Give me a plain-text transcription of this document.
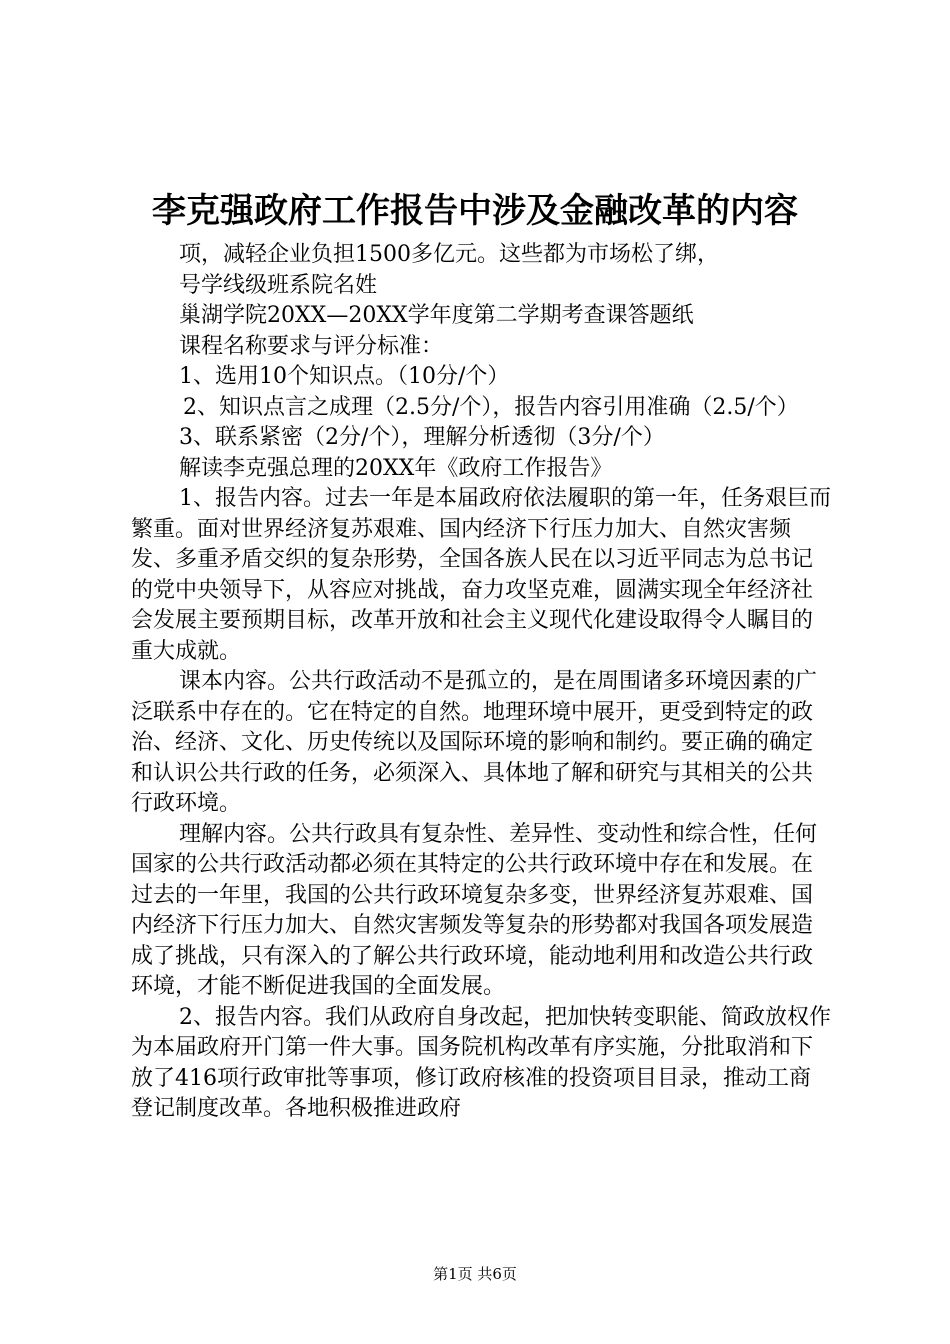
李克强政府工作报告中涉及金融改革的内容

项，减轻企业负担1500多亿元。这些都为市场松了绑，

号学线级班系院名姓

巢湖学院20XX—20XX学年度第二学期考查课答题纸

课程名称要求与评分标准：

1、选用10个知识点。（10分/个）

2、知识点言之成理（2.5分/个），报告内容引用准确（2.5/个）

3、联系紧密（2分/个），理解分析透彻（3分/个）

解读李克强总理的20XX年《政府工作报告》

1、报告内容。过去一年是本届政府依法履职的第一年，任务艰巨而繁重。面对世界经济复苏艰难、国内经济下行压力加大、自然灾害频发、多重矛盾交织的复杂形势，全国各族人民在以习近平同志为总书记的党中央领导下，从容应对挑战，奋力攻坚克难，圆满实现全年经济社会发展主要预期目标，改革开放和社会主义现代化建设取得令人瞩目的重大成就。

课本内容。公共行政活动不是孤立的，是在周围诸多环境因素的广泛联系中存在的。它在特定的自然。地理环境中展开，更受到特定的政治、经济、文化、历史传统以及国际环境的影响和制约。要正确的确定和认识公共行政的任务，必须深入、具体地了解和研究与其相关的公共行政环境。

理解内容。公共行政具有复杂性、差异性、变动性和综合性，任何国家的公共行政活动都必须在其特定的公共行政环境中存在和发展。在过去的一年里，我国的公共行政环境复杂多变，世界经济复苏艰难、国内经济下行压力加大、自然灾害频发等复杂的形势都对我国各项发展造成了挑战，只有深入的了解公共行政环境，能动地利用和改造公共行政环境，才能不断促进我国的全面发展。

2、报告内容。我们从政府自身改起，把加快转变职能、简政放权作为本届政府开门第一件大事。国务院机构改革有序实施，分批取消和下放了416项行政审批等事项，修订政府核准的投资项目目录，推动工商登记制度改革。各地积极推进政府

第1页 共6页
